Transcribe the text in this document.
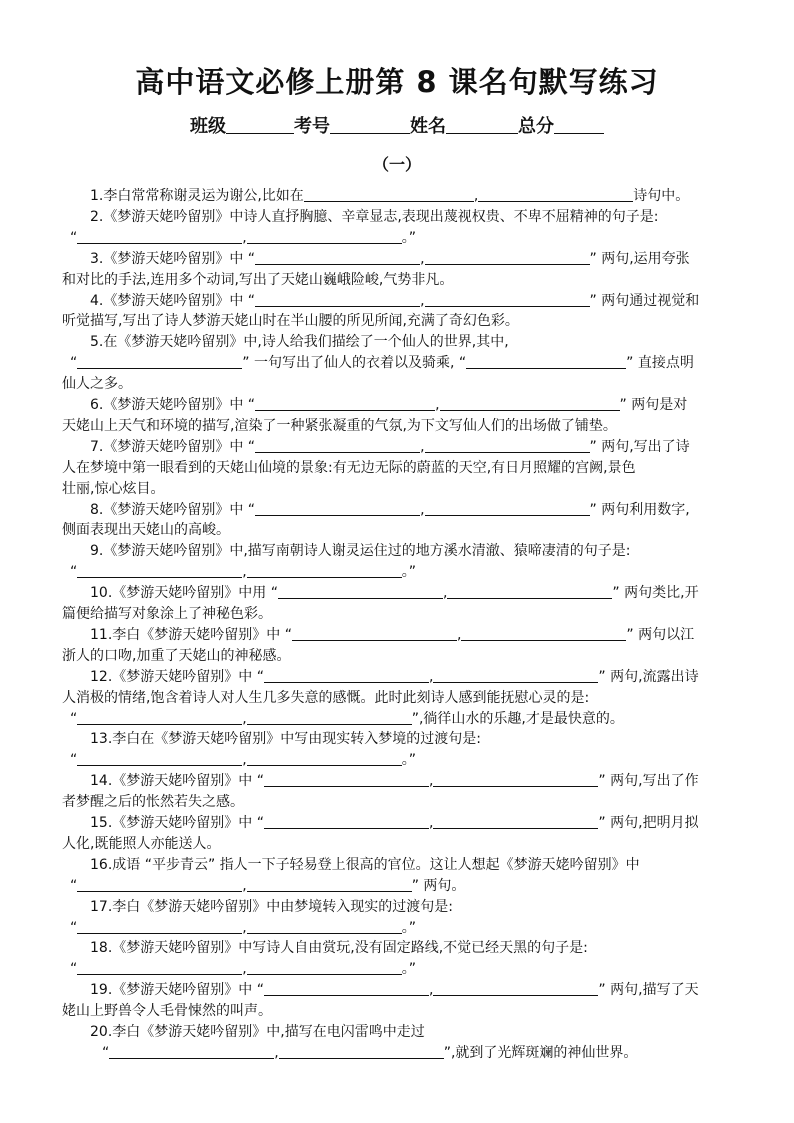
高中语文必修上册第 8 课名句默写练习
班级	考号	姓名	总分
（一）
1.李白常常称谢灵运为谢公,比如在	,	诗句中。
2.《梦游天姥吟留别》中诗人直抒胸臆、辛章显志,表现出蔑视权贵、不卑不屈精神的句子是:
“	,	。”
3.《梦游天姥吟留别》中 “	,	” 两句,运用夸张
和对比的手法,连用多个动词,写出了天姥山巍峨险峻,气势非凡。
4.《梦游天姥吟留别》中 “	,	” 两句通过视觉和
听觉描写,写出了诗人梦游天姥山时在半山腰的所见所闻,充满了奇幻色彩。
5.在《梦游天姥吟留别》中,诗人给我们描绘了一个仙人的世界,其中,
“	” 一句写出了仙人的衣着以及骑乘, “	” 直接点明
仙人之多。
6.《梦游天姥吟留别》中 “	,	” 两句是对
天姥山上天气和环境的描写,渲染了一种紧张凝重的气氛,为下文写仙人们的出场做了铺垫。
7.《梦游天姥吟留别》中 “	,	” 两句,写出了诗
人在梦境中第一眼看到的天姥山仙境的景象:有无边无际的蔚蓝的天空,有日月照耀的宫阙,景色
壮丽,惊心炫目。
8.《梦游天姥吟留别》中 “	,	” 两句利用数字,
侧面表现出天姥山的高峻。
9.《梦游天姥吟留别》中,描写南朝诗人谢灵运住过的地方溪水清澈、猿啼凄清的句子是:
“	,	。”
10.《梦游天姥吟留别》中用 “	,	” 两句类比,开
篇便给描写对象涂上了神秘色彩。
11.李白《梦游天姥吟留别》中 “	,	” 两句以江
浙人的口吻,加重了天姥山的神秘感。
12.《梦游天姥吟留别》中 “	,	” 两句,流露出诗
人消极的情绪,饱含着诗人对人生几多失意的感慨。此时此刻诗人感到能抚慰心灵的是:
“	,	”,徜徉山水的乐趣,才是最快意的。
13.李白在《梦游天姥吟留别》中写由现实转入梦境的过渡句是:
“	,	。”
14.《梦游天姥吟留别》中 “	,	” 两句,写出了作
者梦醒之后的怅然若失之感。
15.《梦游天姥吟留别》中 “	,	” 两句,把明月拟
人化,既能照人亦能送人。
16.成语 “平步青云” 指人一下子轻易登上很高的官位。这让人想起《梦游天姥吟留别》中
“	,	” 两句。
17.李白《梦游天姥吟留别》中由梦境转入现实的过渡句是:
“	,	。”
18.《梦游天姥吟留别》中写诗人自由赏玩,没有固定路线,不觉已经天黑的句子是:
“	,	。”
19.《梦游天姥吟留别》中 “	,	” 两句,描写了天
姥山上野兽令人毛骨悚然的叫声。
20.李白《梦游天姥吟留别》中,描写在电闪雷鸣中走过
“	,	”,就到了光辉斑斓的神仙世界。
